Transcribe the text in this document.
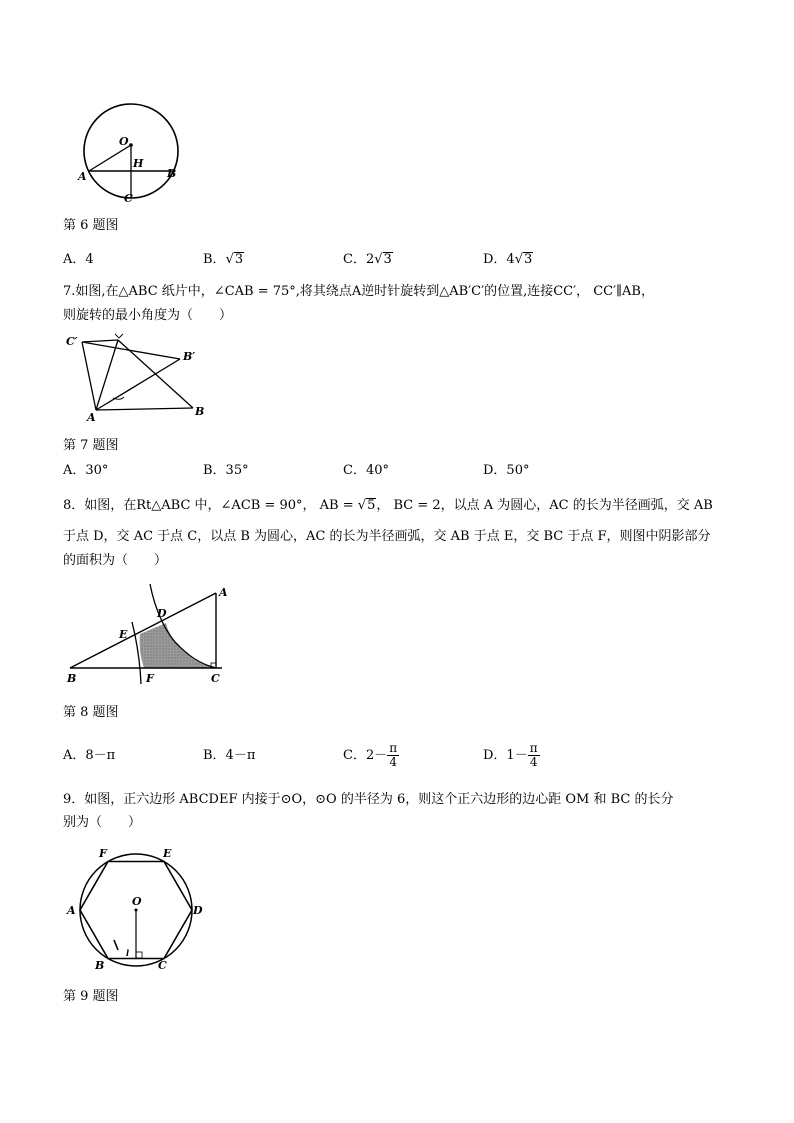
O
H
A	B
C
第 6 题图
A．4	B．√3	C．2√3	D．4√3
7.如图,在△ABC 纸片中，∠CAB = 75°,将其绕点A逆时针旋转到△AB′C′的位置,连接CC′， CC′∥AB，
则旋转的最小角度为（　　）
C′
B′
A	B
第 7 题图
A．30°	B．35°	C．40°	D．50°
8．如图，在Rt△ABC 中，∠ACB = 90°， AB = √5， BC = 2，以点 A 为圆心，AC 的长为半径画弧，交 AB
于点 D，交 AC 于点 C，以点 B 为圆心，AC 的长为半径画弧，交 AB 于点 E，交 BC 于点 F，则图中阴影部分
的面积为（　　）
A
D
E
B	F	C
第 8 题图
A．8－π	B．4－π	C．$2- \frac{\pi}{4}$	D．$1- \frac{\pi}{4}$
9．如图，正六边形 ABCDEF 内接于⊙O，⊙O 的半径为 6，则这个正六边形的边心距 OM 和 BC 的长分
别为（　　）
F	E
O
A	D
l
B	C
第 9 题图
